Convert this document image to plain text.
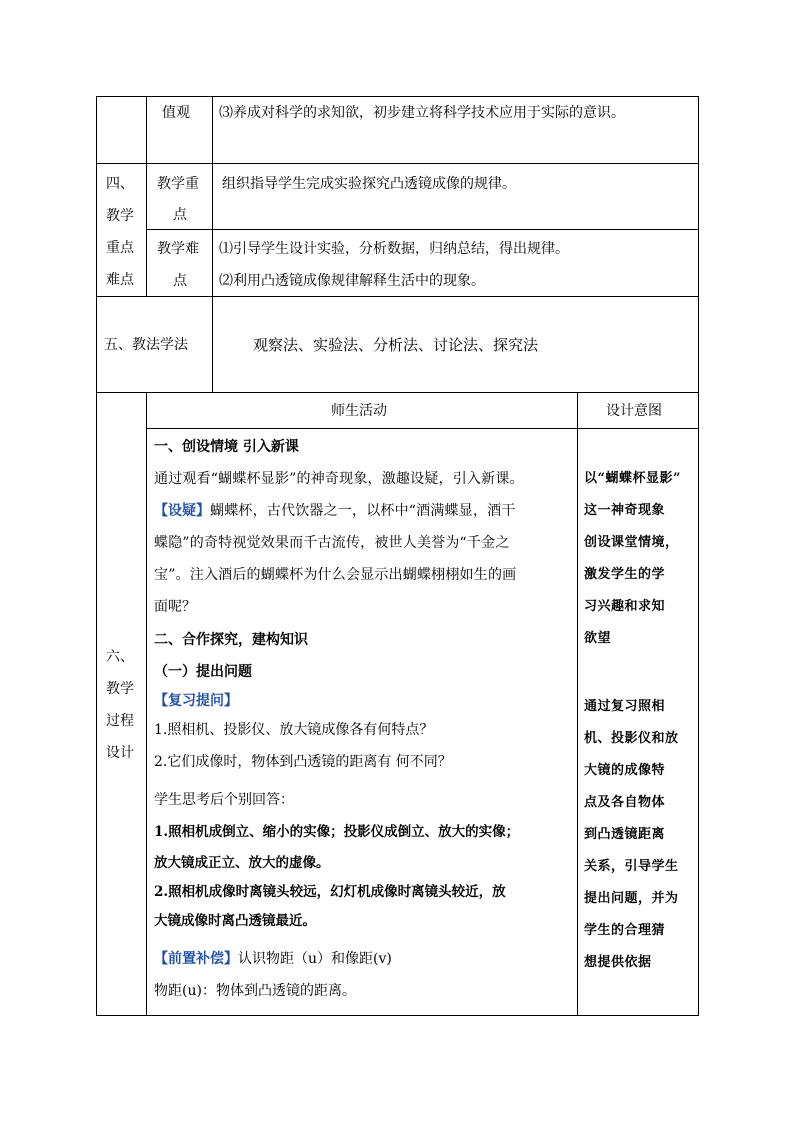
值观 ⑶养成对科学的求知欲，初步建立将科学技术应用于实际的意识。
四、
教学
重点
难点
教学重
点
组织指导学生完成实验探究凸透镜成像的规律。
教学难
点
⑴引导学生设计实验，分析数据，归纳总结，得出规律。
⑵利用凸透镜成像规律解释生活中的现象。
五、教法学法	观察法、实验法、分析法、讨论法、探究法
六、
教学
过程
设计
师生活动	设计意图
一、创设情境 引入新课
通过观看“蝴蝶杯显影”的神奇现象，激趣设疑，引入新课。
【设疑】蝴蝶杯，古代饮器之一，以杯中“酒满蝶显，酒干
蝶隐”的奇特视觉效果而千古流传，被世人美誉为“千金之
宝”。注入酒后的蝴蝶杯为什么会显示出蝴蝶栩栩如生的画
面呢？
二、合作探究，建构知识
（一）提出问题
【复习提问】
1.照相机、投影仪、放大镜成像各有何特点？
2.它们成像时，物体到凸透镜的距离有 何不同？
学生思考后个别回答：
1.照相机成倒立、缩小的实像；投影仪成倒立、放大的实像；
放大镜成正立、放大的虚像。
2.照相机成像时离镜头较远，幻灯机成像时离镜头较近，放
大镜成像时离凸透镜最近。
【前置补偿】认识物距（u）和像距(v)
物距(u)：物体到凸透镜的距离。
以“蝴蝶杯显影”
这一神奇现象
创设课堂情境，
激发学生的学
习兴趣和求知
欲望
通过复习照相
机、投影仪和放
大镜的成像特
点及各自物体
到凸透镜距离
关系，引导学生
提出问题，并为
学生的合理猜
想提供依据
